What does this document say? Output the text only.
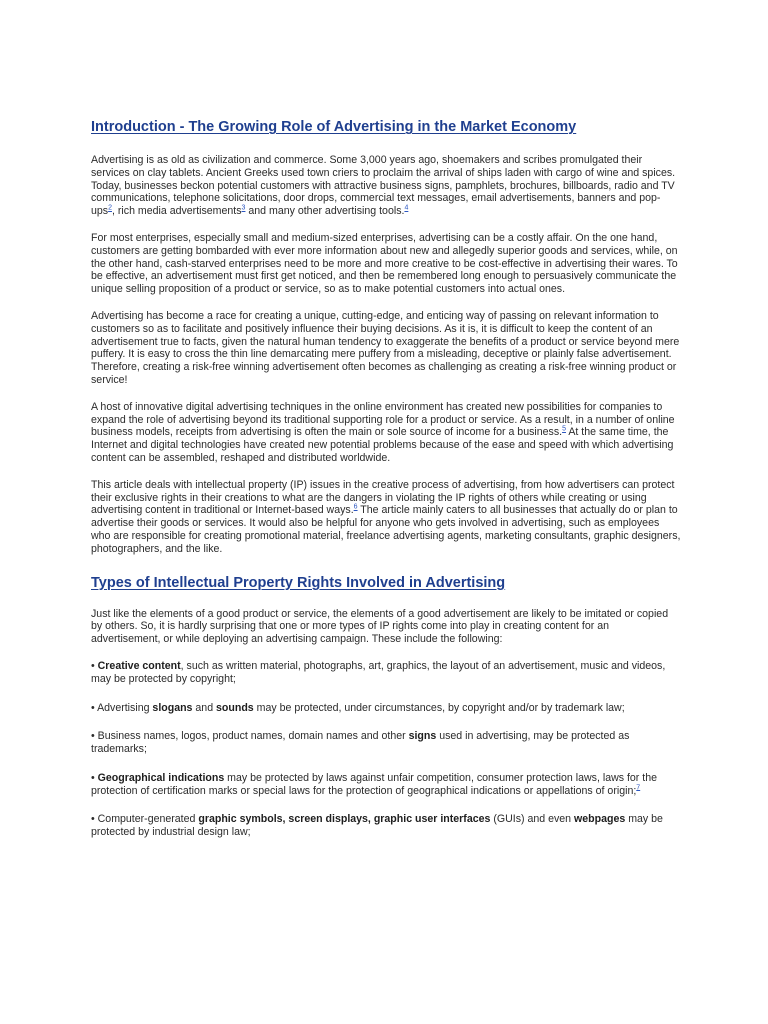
Introduction - The Growing Role of Advertising in the Market Economy

Advertising is as old as civilization and commerce. Some 3,000 years ago, shoemakers and scribes promulgated their services on clay tablets. Ancient Greeks used town criers to proclaim the arrival of ships laden with cargo of wine and spices. Today, businesses beckon potential customers with attractive business signs, pamphlets, brochures, billboards, radio and TV communications, telephone solicitations, door drops, commercial text messages, email advertisements, banners and pop-ups$^2$, rich media advertisements$^3$ and many other advertising tools.$^4$

For most enterprises, especially small and medium-sized enterprises, advertising can be a costly affair. On the one hand, customers are getting bombarded with ever more information about new and allegedly superior goods and services, while, on the other hand, cash-starved enterprises need to be more and more creative to be cost-effective in advertising their wares. To be effective, an advertisement must first get noticed, and then be remembered long enough to persuasively communicate the unique selling proposition of a product or service, so as to make potential customers into actual ones.

Advertising has become a race for creating a unique, cutting-edge, and enticing way of passing on relevant information to customers so as to facilitate and positively influence their buying decisions. As it is, it is difficult to keep the content of an advertisement true to facts, given the natural human tendency to exaggerate the benefits of a product or service beyond mere puffery. It is easy to cross the thin line demarcating mere puffery from a misleading, deceptive or plainly false advertisement. Therefore, creating a risk-free winning advertisement often becomes as challenging as creating a risk-free winning product or service!

A host of innovative digital advertising techniques in the online environment has created new possibilities for companies to expand the role of advertising beyond its traditional supporting role for a product or service. As a result, in a number of online business models, receipts from advertising is often the main or sole source of income for a business.$^5$ At the same time, the Internet and digital technologies have created new potential problems because of the ease and speed with which advertising content can be assembled, reshaped and distributed worldwide.

This article deals with intellectual property (IP) issues in the creative process of advertising, from how advertisers can protect their exclusive rights in their creations to what are the dangers in violating the IP rights of others while creating or using advertising content in traditional or Internet-based ways.$^6$ The article mainly caters to all businesses that actually do or plan to advertise their goods or services. It would also be helpful for anyone who gets involved in advertising, such as employees who are responsible for creating promotional material, freelance advertising agents, marketing consultants, graphic designers, photographers, and the like.

Types of Intellectual Property Rights Involved in Advertising

Just like the elements of a good product or service, the elements of a good advertisement are likely to be imitated or copied by others. So, it is hardly surprising that one or more types of IP rights come into play in creating content for an advertisement, or while deploying an advertising campaign. These include the following:

• Creative content, such as written material, photographs, art, graphics, the layout of an advertisement, music and videos, may be protected by copyright;

• Advertising slogans and sounds may be protected, under circumstances, by copyright and/or by trademark law;

• Business names, logos, product names, domain names and other signs used in advertising, may be protected as trademarks;

• Geographical indications may be protected by laws against unfair competition, consumer protection laws, laws for the protection of certification marks or special laws for the protection of geographical indications or appellations of origin;$^7$

• Computer-generated graphic symbols, screen displays, graphic user interfaces (GUIs) and even webpages may be protected by industrial design law;
